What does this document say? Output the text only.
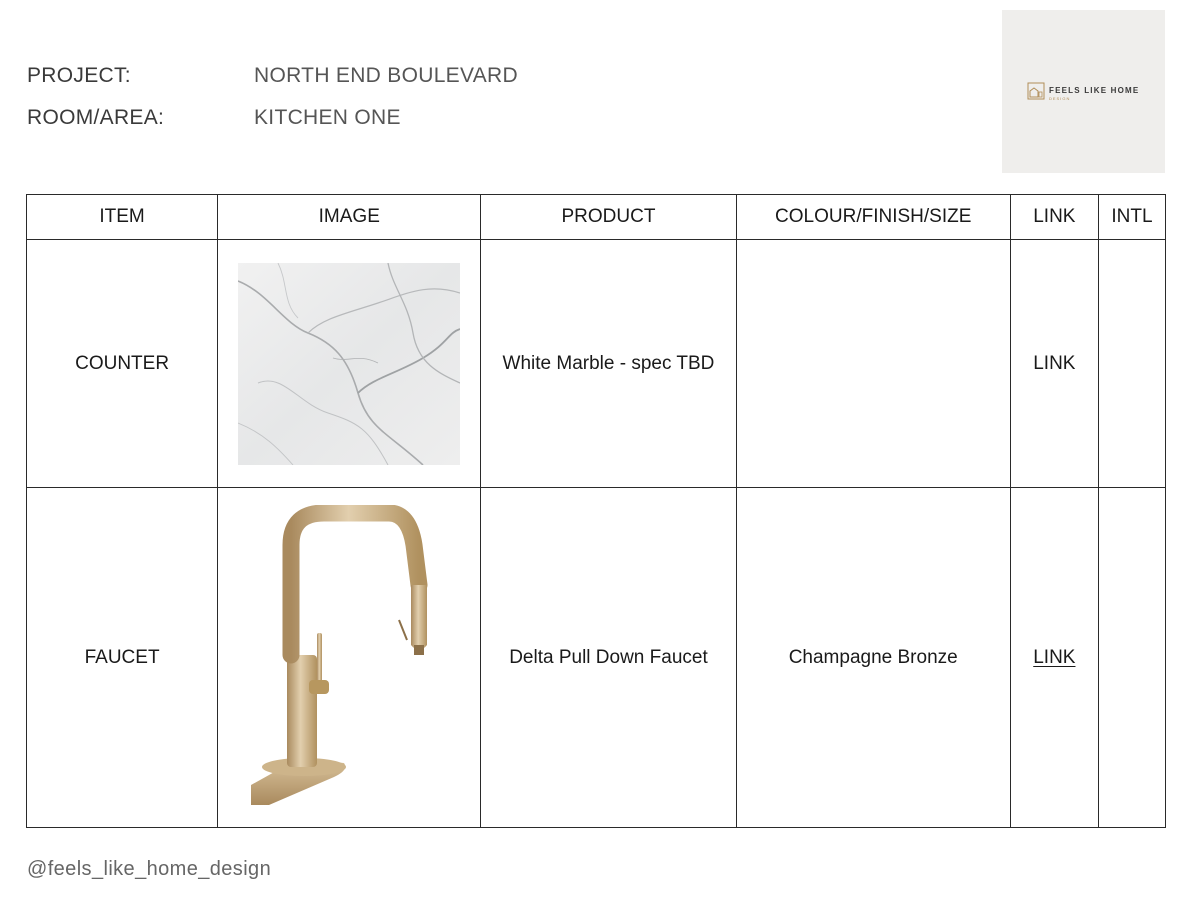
PROJECT:	NORTH END BOULEVARD
ROOM/AREA:	KITCHEN ONE
FEELS LIKE HOME
DESIGN
ITEM	IMAGE	PRODUCT	COLOUR/FINISH/SIZE	LINK	INTL
COUNTER		White Marble - spec TBD		LINK	
FAUCET		Delta Pull Down Faucet	Champagne Bronze	LINK	
@feels_like_home_design
